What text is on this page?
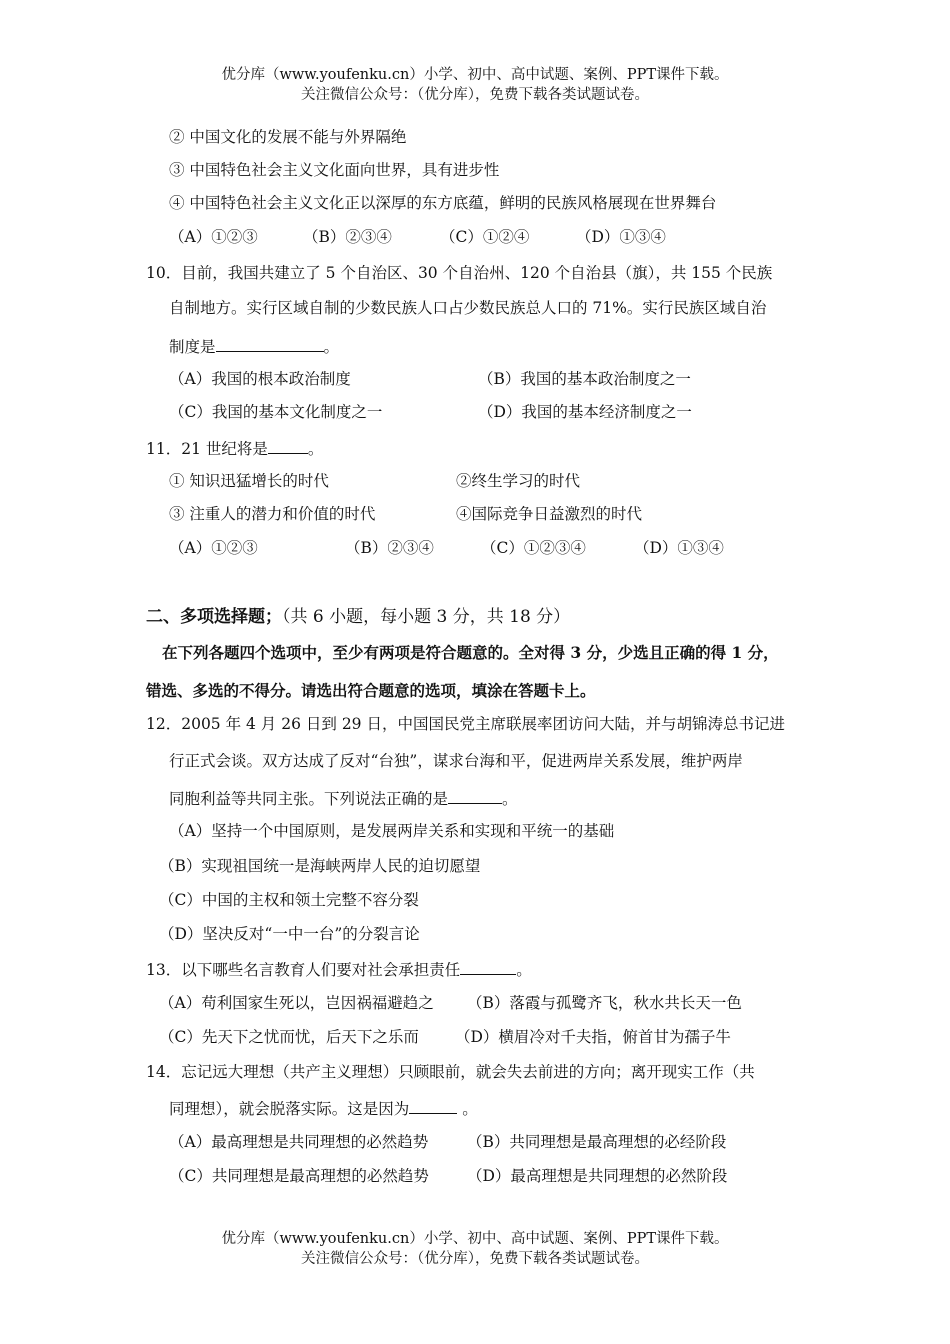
优分库（www.youfenku.cn）小学、初中、高中试题、案例、PPT课件下载。
关注微信公众号：（优分库），免费下载各类试题试卷。
② 中国文化的发展不能与外界隔绝
③ 中国特色社会主义文化面向世界，具有进步性
④ 中国特色社会主义文化正以深厚的东方底蕴，鲜明的民族风格展现在世界舞台
（A）①②③	（B）②③④	（C）①②④	（D）①③④
10．目前，我国共建立了 5 个自治区、30 个自治州、120 个自治县（旗），共 155 个民族
自制地方。实行区域自制的少数民族人口占少数民族总人口的 71%。实行民族区域自治
制度是	。
（A）我国的根本政治制度	（B）我国的基本政治制度之一
（C）我国的基本文化制度之一	（D）我国的基本经济制度之一
11．21 世纪将是	。
① 知识迅猛增长的时代	②终生学习的时代
③ 注重人的潜力和价值的时代	④国际竞争日益激烈的时代
（A）①②③	（B）②③④	（C）①②③④	（D）①③④
二、多项选择题；（共 6 小题，每小题 3 分，共 18 分）
在下列各题四个选项中，至少有两项是符合题意的。全对得 3 分，少选且正确的得 1 分，
错选、多选的不得分。请选出符合题意的选项，填涂在答题卡上。
12．2005 年 4 月 26 日到 29 日，中国国民党主席联展率团访问大陆，并与胡锦涛总书记进
行正式会谈。双方达成了反对“台独”，谋求台海和平，促进两岸关系发展，维护两岸
同胞利益等共同主张。下列说法正确的是	。
（A）坚持一个中国原则，是发展两岸关系和实现和平统一的基础
（B）实现祖国统一是海峡两岸人民的迫切愿望
（C）中国的主权和领土完整不容分裂
（D）坚决反对“一中一台”的分裂言论
13．以下哪些名言教育人们要对社会承担责任	。
（A）苟利国家生死以，岂因祸福避趋之 （B）落霞与孤鹭齐飞，秋水共长天一色
（C）先天下之忧而忧，后天下之乐而 （D）横眉冷对千夫指，俯首甘为孺子牛
14．忘记远大理想（共产主义理想）只顾眼前，就会失去前进的方向；离开现实工作（共
同理想），就会脱落实际。这是因为	。
（A）最高理想是共同理想的必然趋势	（B）共同理想是最高理想的必经阶段
（C）共同理想是最高理想的必然趋势 （D）最高理想是共同理想的必然阶段
优分库（www.youfenku.cn）小学、初中、高中试题、案例、PPT课件下载。
关注微信公众号：（优分库），免费下载各类试题试卷。
